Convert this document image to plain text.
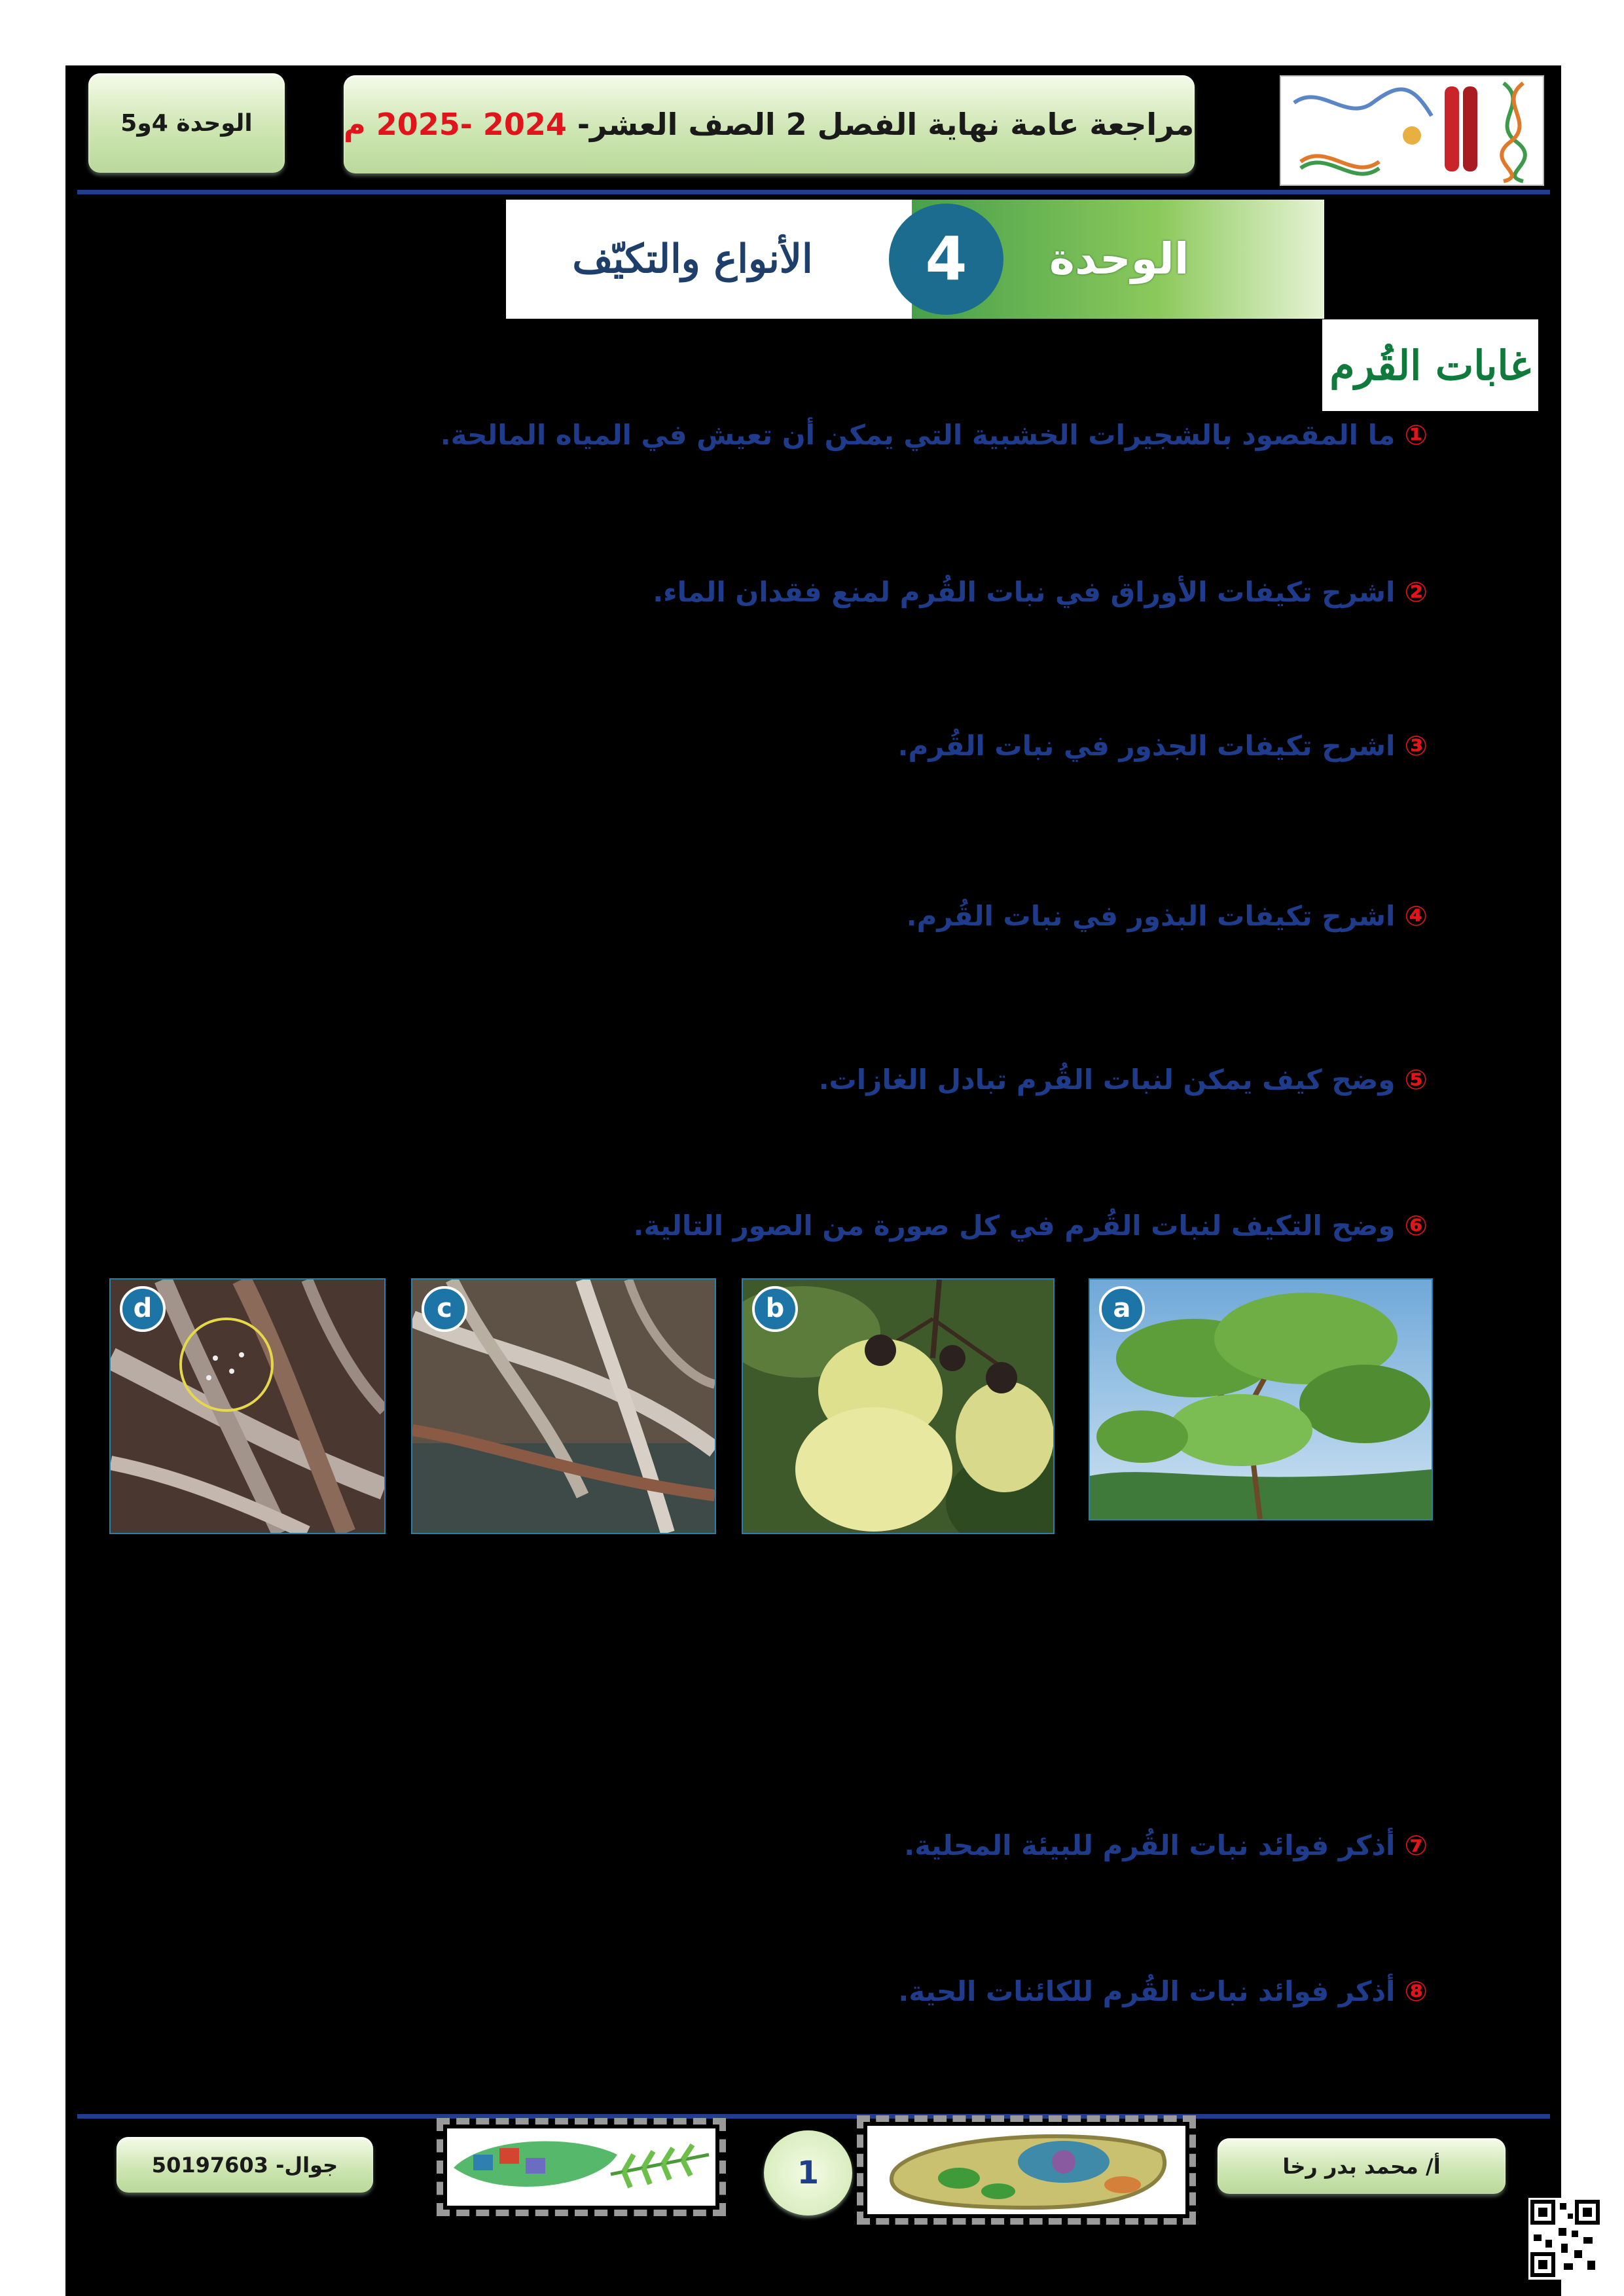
الوحدة 4و5	مراجعة عامة نهاية الفصل 2 الصف العشر- 2024 -2025 م
4	الوحدة
الأنواع والتكيّف
غابات القُرم
①ما المقصود بالشجيرات الخشبية التي يمكن أن تعيش في المياه المالحة.
②اشرح تكيفات الأوراق في نبات القُرم لمنع فقدان الماء.
③اشرح تكيفات الجذور في نبات القُرم.
④اشرح تكيفات البذور في نبات القُرم.
⑤وضح كيف يمكن لنبات القُرم تبادل الغازات.
⑥وضح التكيف لنبات القُرم في كل صورة من الصور التالية.
a
b
c
d
⑦أذكر فوائد نبات القُرم للبيئة المحلية.
⑧أذكر فوائد نبات القُرم للكائنات الحية.
جوال- 50197603	1	أ/ محمد بدر رخا
